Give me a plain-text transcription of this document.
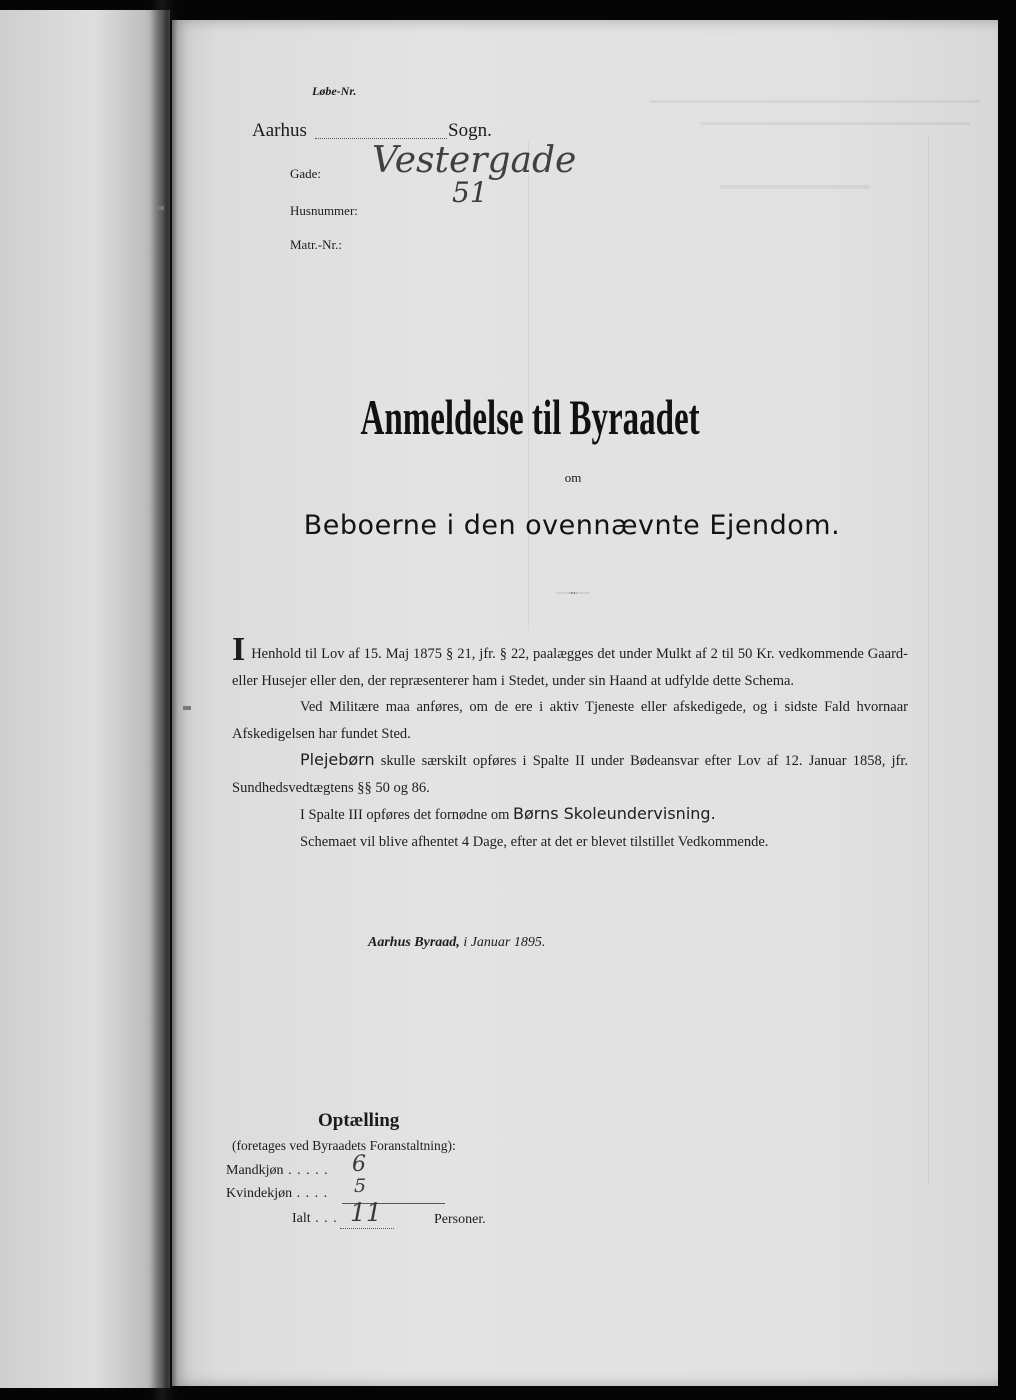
Løbe-Nr.
Aarhus	Sogn.
Gade: Vestergade
Husnummer:
51
Matr.-Nr.:
Anmeldelse til Byraadet
om
Beboerne i den ovennævnte Ejendom.

I Henhold til Lov af 15. Maj 1875 § 21, jfr. § 22, paalægges det under Mulkt af 2 til 50 Kr. vedkommende Gaard- eller Husejer eller den, der repræsenterer ham i Stedet, under sin Haand at udfylde dette Schema.

Ved Militære maa anføres, om de ere i aktiv Tjeneste eller afskedigede, og i sidste Fald hvornaar Afskedigelsen har fundet Sted.

Plejebørn skulle særskilt opføres i Spalte II under Bødeansvar efter Lov af 12. Januar 1858, jfr. Sundhedsvedtægtens §§ 50 og 86.

I Spalte III opføres det fornødne om Børns Skoleundervisning.

Schemaet vil blive afhentet 4 Dage, efter at det er blevet tilstillet Vedkommende.

Aarhus Byraad, i Januar 1895.
Optælling
(foretages ved Byraadets Foranstaltning):
Mandkjøn . . . . . 6
Kvindekjøn . . . . 5
Ialt . . . 11	Personer.
